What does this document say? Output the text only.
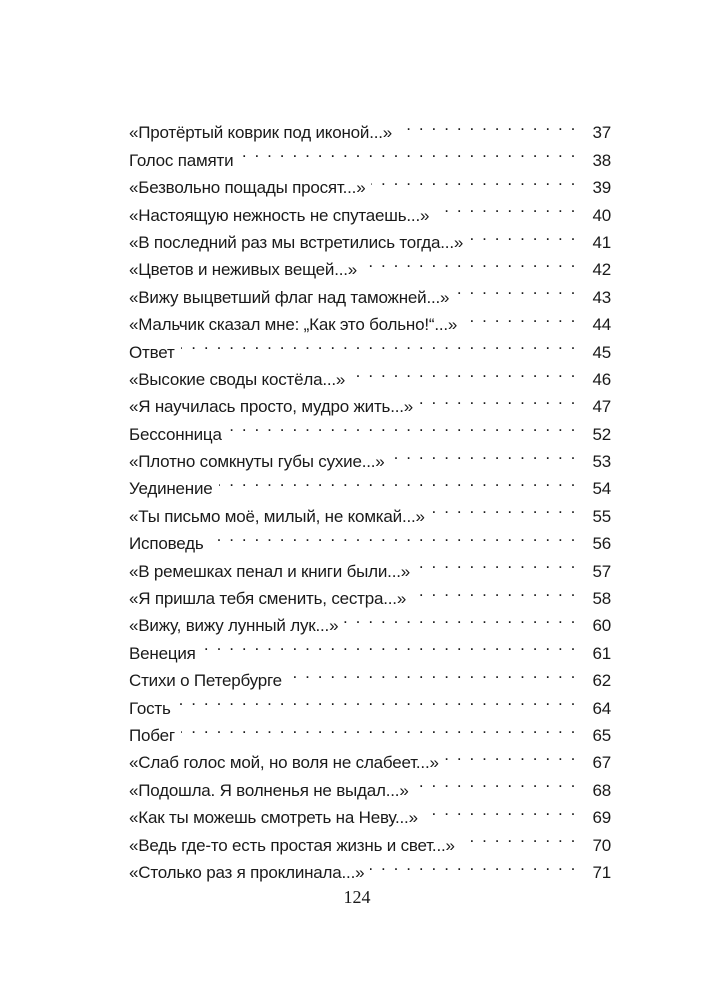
«Протёртый коврик под иконой...» . . .	37
Голос памяти . . .	38
«Безвольно пощады просят...» . . .	39
«Настоящую нежность не спутаешь...» . . .	40
«В последний раз мы встретились тогда...» . . .	41
«Цветов и неживых вещей...» . . .	42
«Вижу выцветший флаг над таможней...» . . .	43
«Мальчик сказал мне: „Как это больно!“...» . . .	44
Ответ . . .	45
«Высокие своды костёла...» . . .	46
«Я научилась просто, мудро жить...» . . .	47
Бессонница . . .	52
«Плотно сомкнуты губы сухие...» . . .	53
Уединение . . .	54
«Ты письмо моё, милый, не комкай...» . . .	55
Исповедь . . .	56
«В ремешках пенал и книги были...» . . .	57
«Я пришла тебя сменить, сестра...» . . .	58
«Вижу, вижу лунный лук...» . . .	60
Венеция . . .	61
Стихи о Петербурге . . .	62
Гость . . .	64
Побег . . .	65
«Слаб голос мой, но воля не слабеет...» . . .	67
«Подошла. Я волненья не выдал...» . . .	68
«Как ты можешь смотреть на Неву...» . . .	69
«Ведь где-то есть простая жизнь и свет...» . . .	70
«Столько раз я проклинала...» . . .	71
124
